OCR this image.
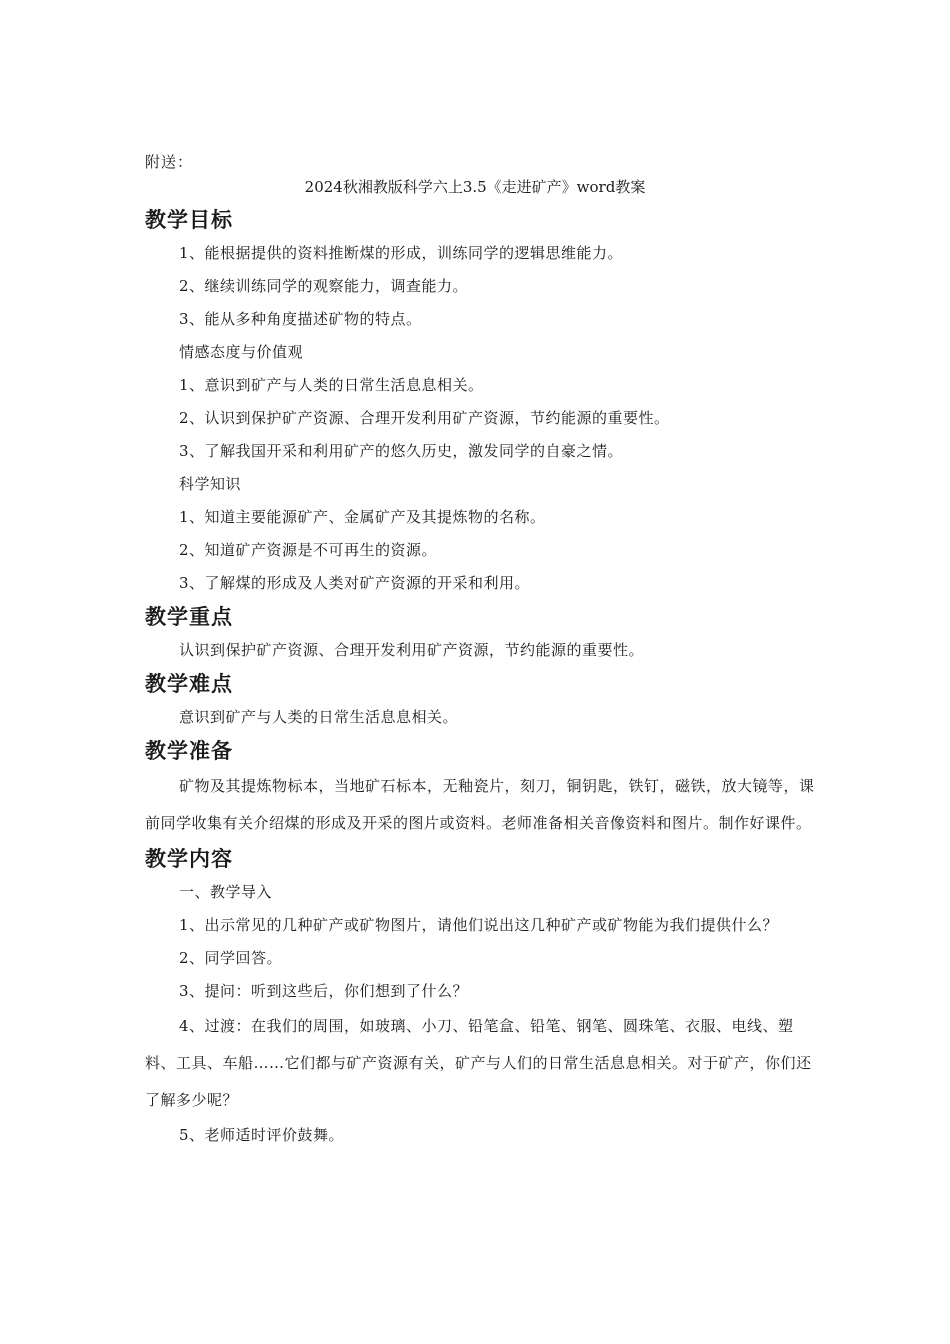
附送：
2024秋湘教版科学六上3.5《走进矿产》word教案
教学目标

1、能根据提供的资料推断煤的形成，训练同学的逻辑思维能力。

2、继续训练同学的观察能力，调查能力。

3、能从多种角度描述矿物的特点。

情感态度与价值观

1、意识到矿产与人类的日常生活息息相关。

2、认识到保护矿产资源、合理开发利用矿产资源，节约能源的重要性。

3、了解我国开采和利用矿产的悠久历史，激发同学的自豪之情。

科学知识

1、知道主要能源矿产、金属矿产及其提炼物的名称。

2、知道矿产资源是不可再生的资源。

3、了解煤的形成及人类对矿产资源的开采和利用。

教学重点

认识到保护矿产资源、合理开发利用矿产资源，节约能源的重要性。

教学难点

意识到矿产与人类的日常生活息息相关。

教学准备

矿物及其提炼物标本，当地矿石标本，无釉瓷片，刻刀，铜钥匙，铁钉，磁铁，放大镜等，课前同学收集有关介绍煤的形成及开采的图片或资料。老师准备相关音像资料和图片。制作好课件。

教学内容

一、教学导入

1、出示常见的几种矿产或矿物图片，请他们说出这几种矿产或矿物能为我们提供什么？

2、同学回答。

3、提问：听到这些后，你们想到了什么？

4、过渡：在我们的周围，如玻璃、小刀、铅笔盒、铅笔、钢笔、圆珠笔、衣服、电线、塑料、工具、车船……它们都与矿产资源有关，矿产与人们的日常生活息息相关。对于矿产，你们还了解多少呢？

5、老师适时评价鼓舞。
